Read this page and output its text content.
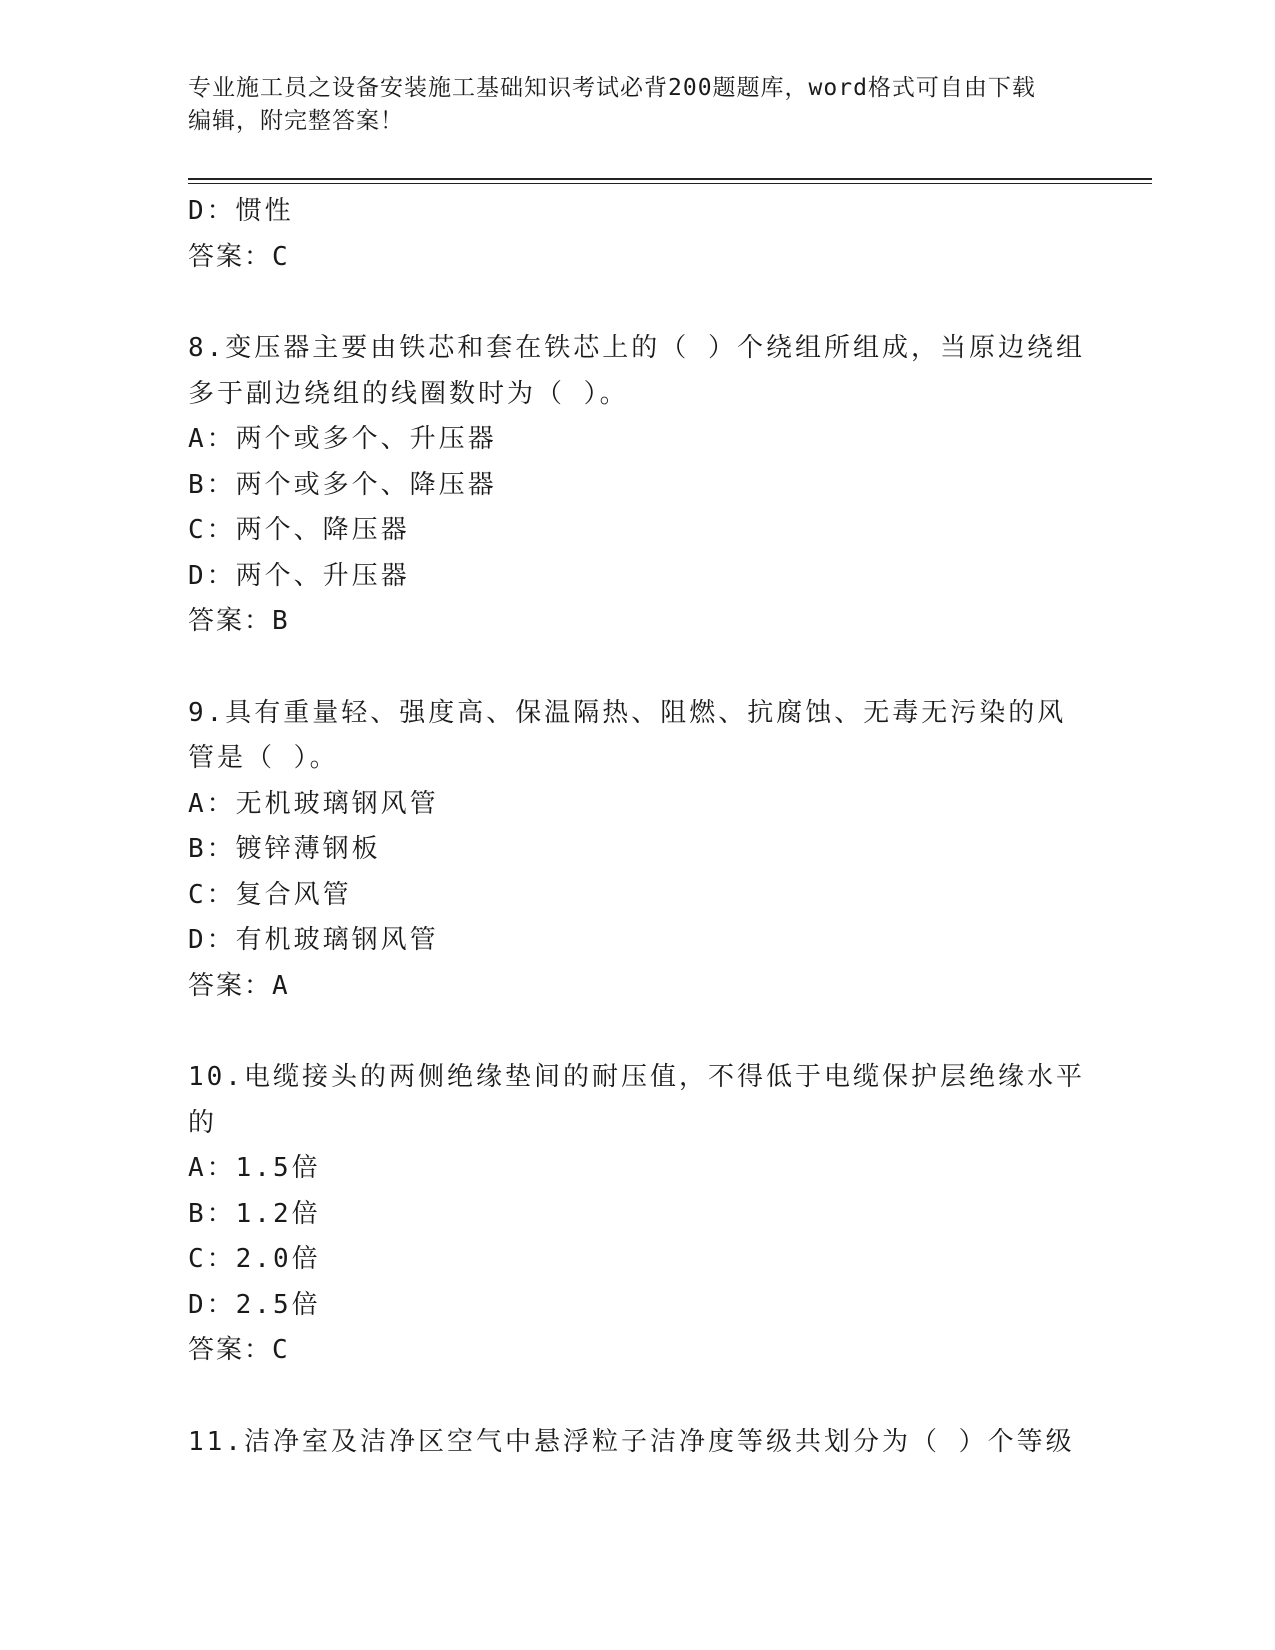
专业施工员之设备安装施工基础知识考试必背200题题库，word格式可自由下载
编辑，附完整答案！
D：惯性
答案：C
8.变压器主要由铁芯和套在铁芯上的（ ）个绕组所组成，当原边绕组
多于副边绕组的线圈数时为（ ）。
A：两个或多个、升压器
B：两个或多个、降压器
C：两个、降压器
D：两个、升压器
答案：B
9.具有重量轻、强度高、保温隔热、阻燃、抗腐蚀、无毒无污染的风
管是（ ）。
A：无机玻璃钢风管
B：镀锌薄钢板
C：复合风管
D：有机玻璃钢风管
答案：A
10.电缆接头的两侧绝缘垫间的耐压值，不得低于电缆保护层绝缘水平
的
A：1.5倍
B：1.2倍
C：2.0倍
D：2.5倍
答案：C
11.洁净室及洁净区空气中悬浮粒子洁净度等级共划分为（ ）个等级
